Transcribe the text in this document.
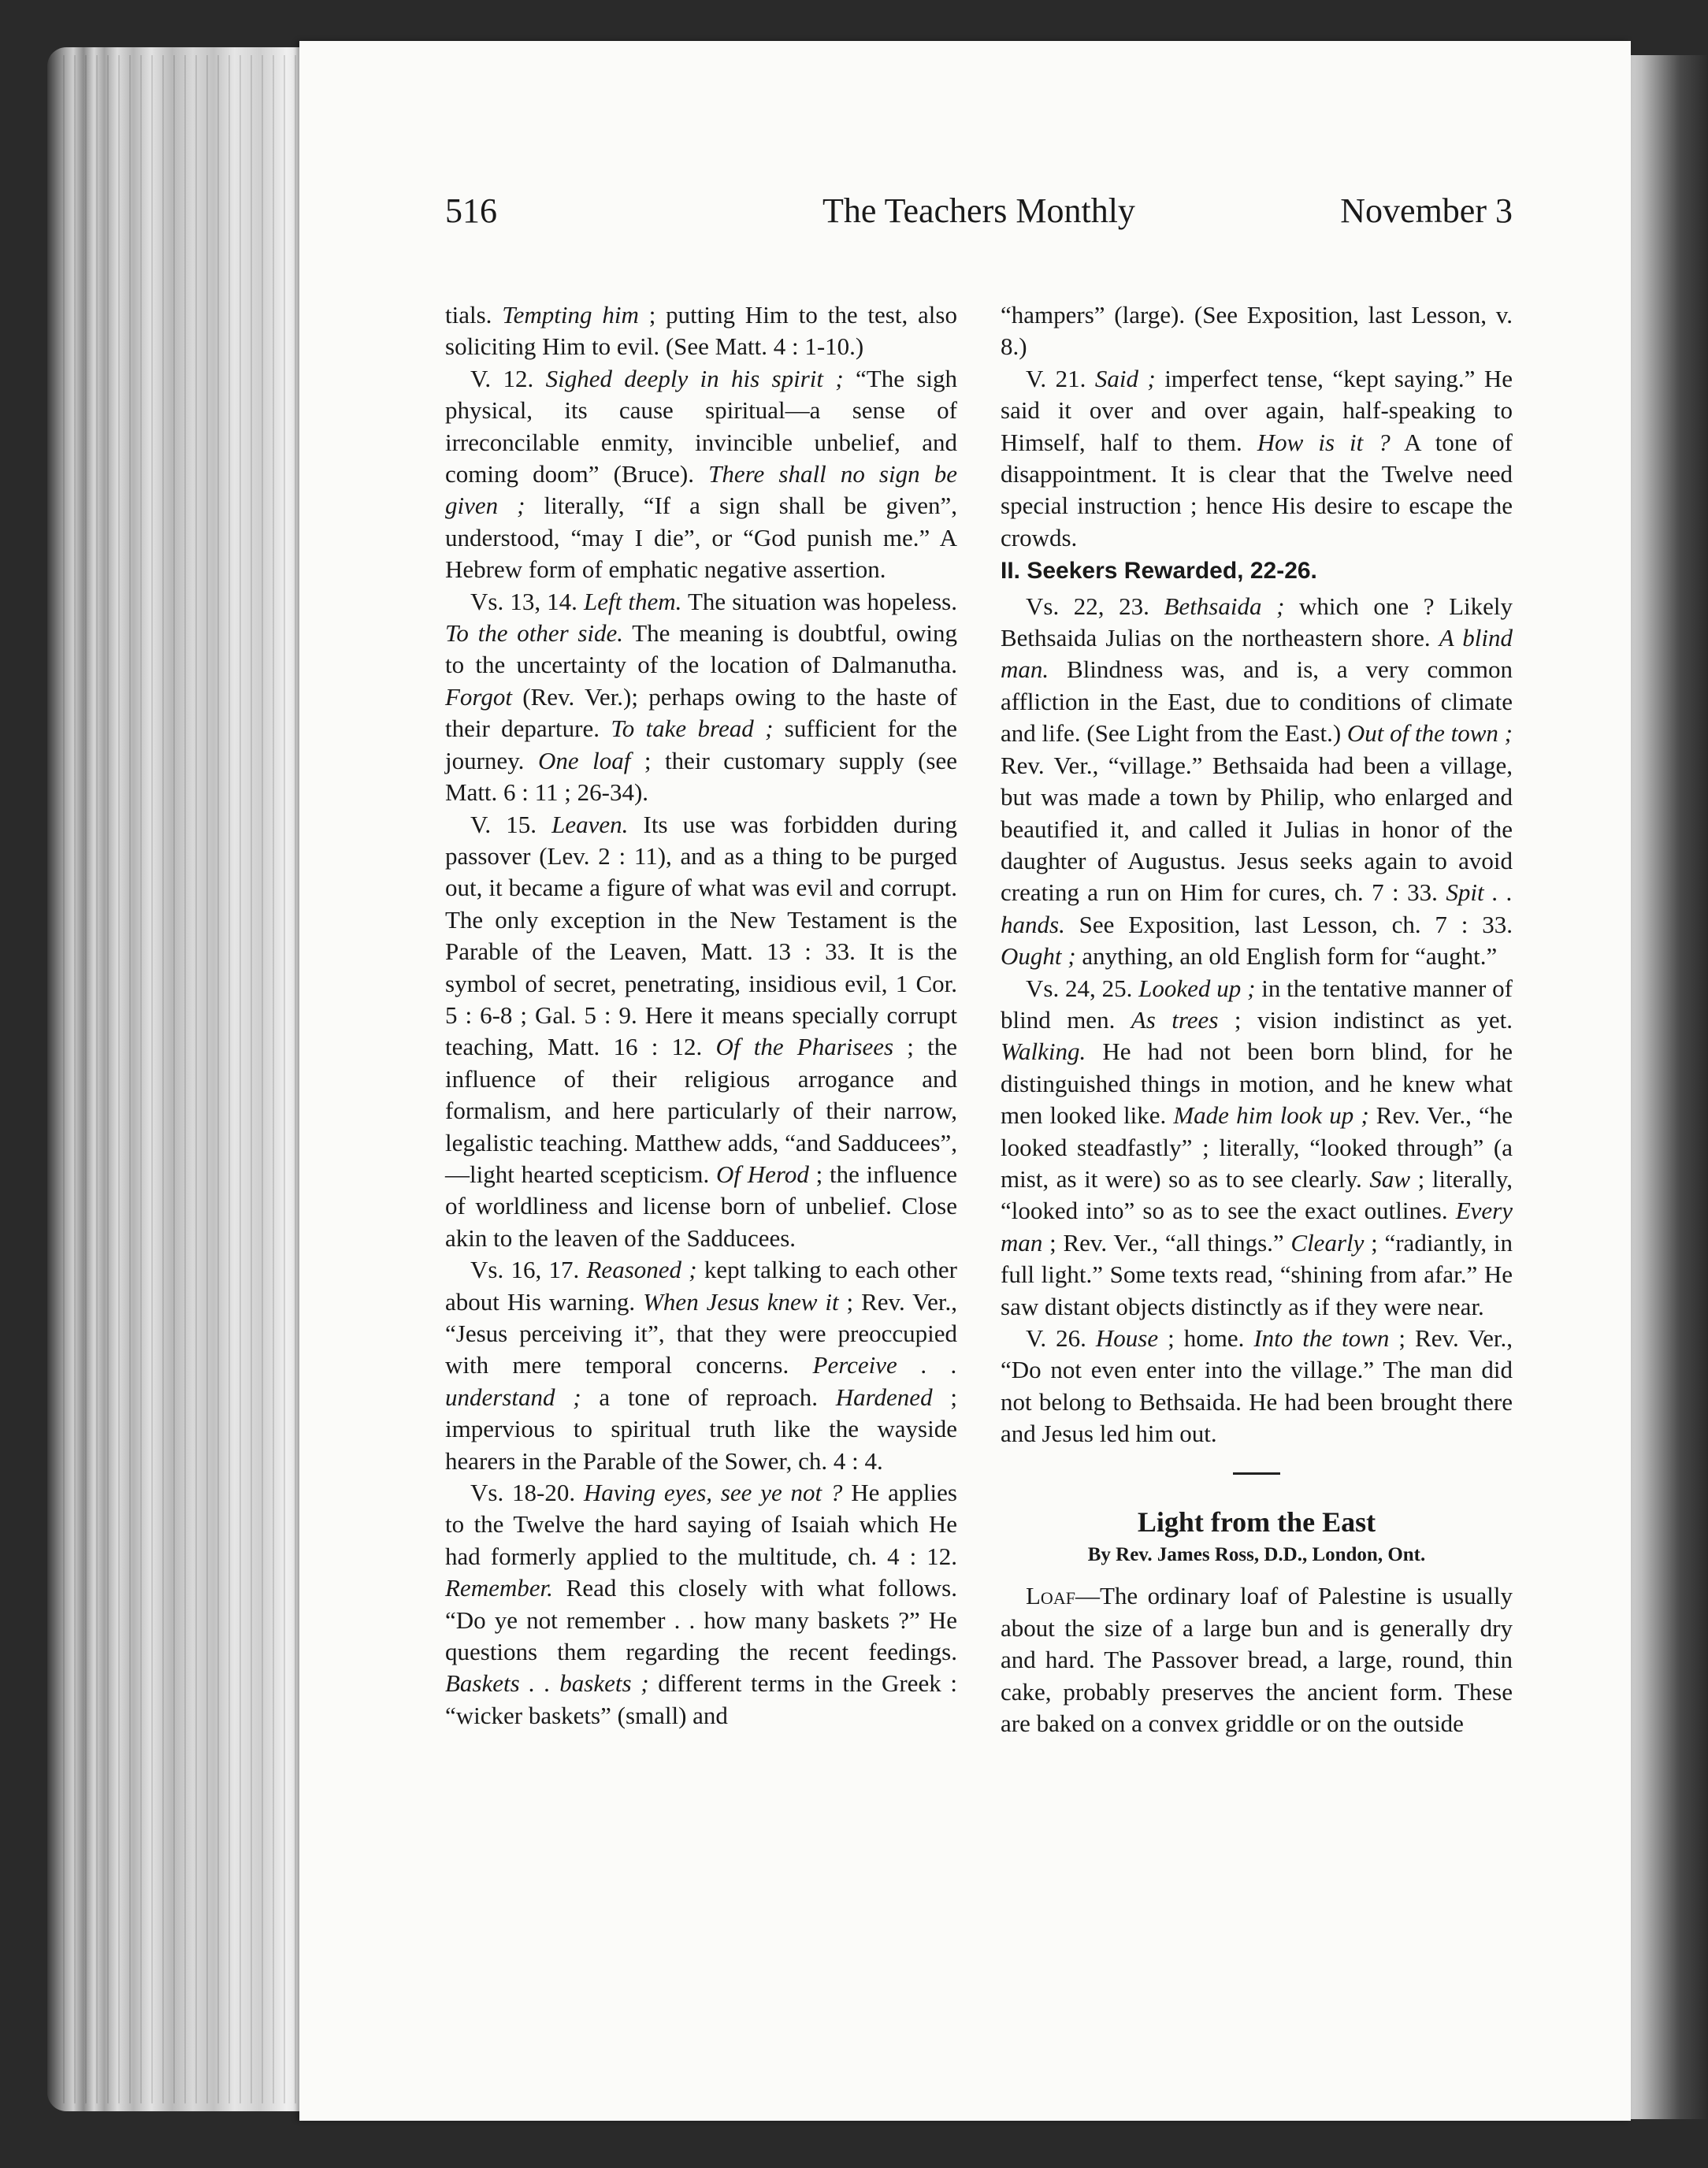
516	The Teachers Monthly	November 3

tials. Tempting him ; putting Him to the test, also soliciting Him to evil. (See Matt. 4 : 1-10.)

V. 12. Sighed deeply in his spirit ; “The sigh physical, its cause spiritual—a sense of irreconcilable enmity, invincible unbelief, and coming doom” (Bruce). There shall no sign be given ; literally, “If a sign shall be given”, understood, “may I die”, or “God punish me.” A Hebrew form of emphatic negative assertion.

Vs. 13, 14. Left them. The situation was hopeless. To the other side. The meaning is doubtful, owing to the uncertainty of the location of Dalmanutha. Forgot (Rev. Ver.); perhaps owing to the haste of their departure. To take bread ; sufficient for the journey. One loaf ; their customary supply (see Matt. 6 : 11 ; 26-34).

V. 15. Leaven. Its use was forbidden during passover (Lev. 2 : 11), and as a thing to be purged out, it became a figure of what was evil and corrupt. The only exception in the New Testament is the Parable of the Leaven, Matt. 13 : 33. It is the symbol of secret, penetrating, insidious evil, 1 Cor. 5 : 6-8 ; Gal. 5 : 9. Here it means specially corrupt teaching, Matt. 16 : 12. Of the Pharisees ; the influence of their religious arrogance and formalism, and here particularly of their narrow, legalistic teaching. Matthew adds, “and Sadducees”,—light hearted scepticism. Of Herod ; the influence of worldliness and license born of unbelief. Close akin to the leaven of the Sadducees.

Vs. 16, 17. Reasoned ; kept talking to each other about His warning. When Jesus knew it ; Rev. Ver., “Jesus perceiving it”, that they were preoccupied with mere temporal concerns. Perceive . . understand ; a tone of reproach. Hardened ; impervious to spiritual truth like the wayside hearers in the Parable of the Sower, ch. 4 : 4.

Vs. 18-20. Having eyes, see ye not ? He applies to the Twelve the hard saying of Isaiah which He had formerly applied to the multitude, ch. 4 : 12. Remember. Read this closely with what follows. “Do ye not remember . . how many baskets ?” He questions them regarding the recent feedings. Baskets . . baskets ; different terms in the Greek : “wicker baskets” (small) and

“hampers” (large). (See Exposition, last Lesson, v. 8.)

V. 21. Said ; imperfect tense, “kept saying.” He said it over and over again, half-speaking to Himself, half to them. How is it ? A tone of disappointment. It is clear that the Twelve need special instruction ; hence His desire to escape the crowds.

II. Seekers Rewarded, 22-26.

Vs. 22, 23. Bethsaida ; which one ? Likely Bethsaida Julias on the northeastern shore. A blind man. Blindness was, and is, a very common affliction in the East, due to conditions of climate and life. (See Light from the East.) Out of the town ; Rev. Ver., “village.” Bethsaida had been a village, but was made a town by Philip, who enlarged and beautified it, and called it Julias in honor of the daughter of Augustus. Jesus seeks again to avoid creating a run on Him for cures, ch. 7 : 33. Spit . . hands. See Exposition, last Lesson, ch. 7 : 33. Ought ; anything, an old English form for “aught.”

Vs. 24, 25. Looked up ; in the tentative manner of blind men. As trees ; vision indistinct as yet. Walking. He had not been born blind, for he distinguished things in motion, and he knew what men looked like. Made him look up ; Rev. Ver., “he looked steadfastly” ; literally, “looked through” (a mist, as it were) so as to see clearly. Saw ; literally, “looked into” so as to see the exact outlines. Every man ; Rev. Ver., “all things.” Clearly ; “radiantly, in full light.” Some texts read, “shining from afar.” He saw distant objects distinctly as if they were near.

V. 26. House ; home. Into the town ; Rev. Ver., “Do not even enter into the village.” The man did not belong to Bethsaida. He had been brought there and Jesus led him out.

Light from the East
By Rev. James Ross, D.D., London, Ont.

Loaf—The ordinary loaf of Palestine is usually about the size of a large bun and is generally dry and hard. The Passover bread, a large, round, thin cake, probably preserves the ancient form. These are baked on a convex griddle or on the outside
